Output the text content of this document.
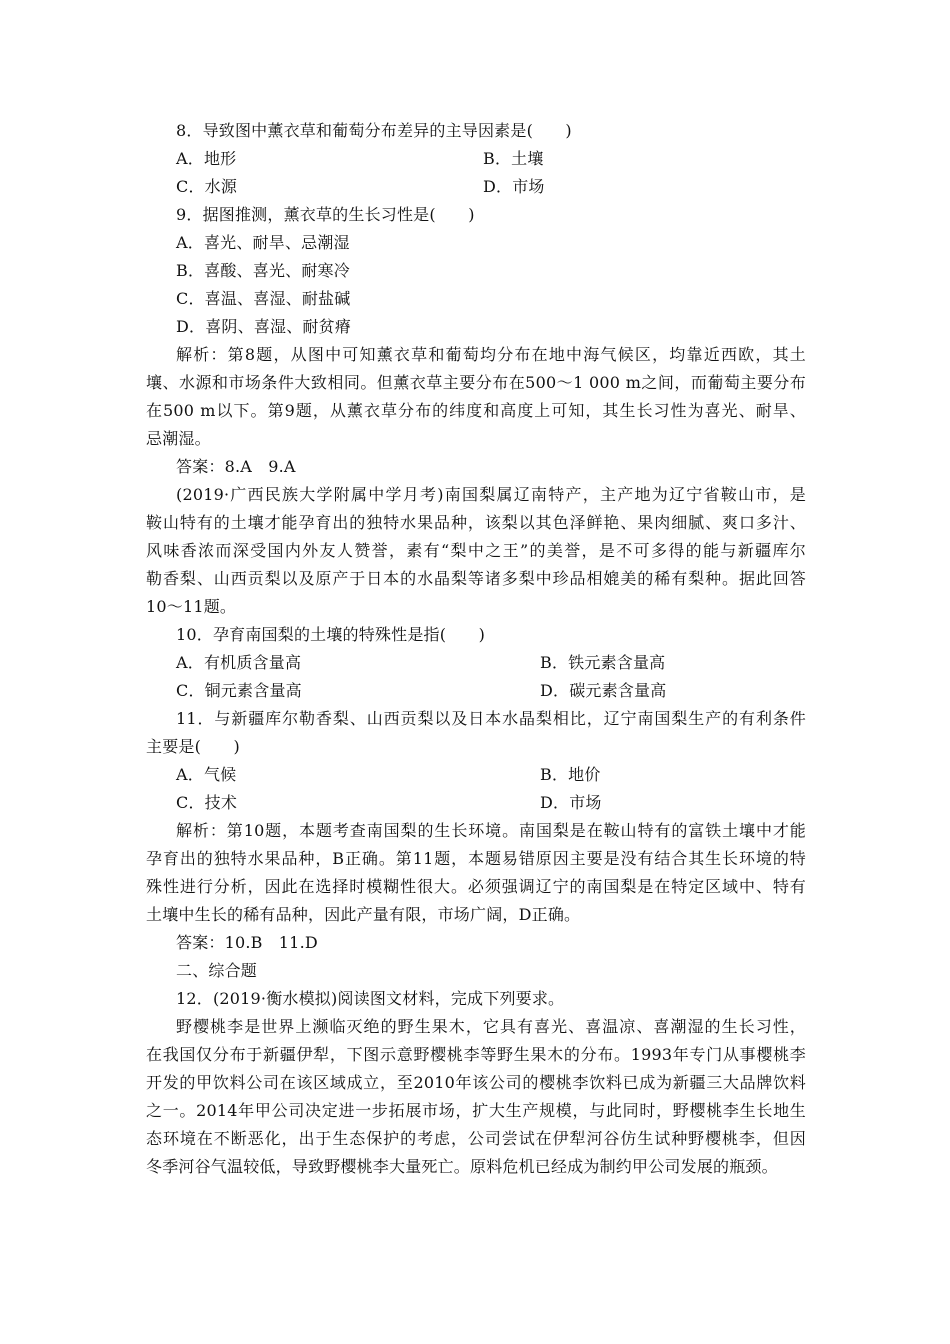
8．导致图中薰衣草和葡萄分布差异的主导因素是(　　)
A．地形	B．土壤
C．水源	D．市场
9．据图推测，薰衣草的生长习性是(　　)
A．喜光、耐旱、忌潮湿
B．喜酸、喜光、耐寒冷
C．喜温、喜湿、耐盐碱
D．喜阴、喜湿、耐贫瘠
解析：第8题，从图中可知薰衣草和葡萄均分布在地中海气候区，均靠近西欧，其土
壤、水源和市场条件大致相同。但薰衣草主要分布在500～1 000 m之间，而葡萄主要分布
在500 m以下。第9题，从薰衣草分布的纬度和高度上可知，其生长习性为喜光、耐旱、
忌潮湿。
答案：8.A　9.A
(2019·广西民族大学附属中学月考)南国梨属辽南特产，主产地为辽宁省鞍山市，是
鞍山特有的土壤才能孕育出的独特水果品种，该梨以其色泽鲜艳、果肉细腻、爽口多汁、
风味香浓而深受国内外友人赞誉，素有“梨中之王”的美誉，是不可多得的能与新疆库尔
勒香梨、山西贡梨以及原产于日本的水晶梨等诸多梨中珍品相媲美的稀有梨种。据此回答
10～11题。
10．孕育南国梨的土壤的特殊性是指(　　)
A．有机质含量高	B．铁元素含量高
C．铜元素含量高	D．碳元素含量高
11．与新疆库尔勒香梨、山西贡梨以及日本水晶梨相比，辽宁南国梨生产的有利条件
主要是(　　)
A．气候	B．地价
C．技术	D．市场
解析：第10题，本题考查南国梨的生长环境。南国梨是在鞍山特有的富铁土壤中才能
孕育出的独特水果品种，B正确。第11题，本题易错原因主要是没有结合其生长环境的特
殊性进行分析，因此在选择时模糊性很大。必须强调辽宁的南国梨是在特定区域中、特有
土壤中生长的稀有品种，因此产量有限，市场广阔，D正确。
答案：10.B　11.D
二、综合题
12．(2019·衡水模拟)阅读图文材料，完成下列要求。
野樱桃李是世界上濒临灭绝的野生果木，它具有喜光、喜温凉、喜潮湿的生长习性，
在我国仅分布于新疆伊犁，下图示意野樱桃李等野生果木的分布。1993年专门从事樱桃李
开发的甲饮料公司在该区域成立，至2010年该公司的樱桃李饮料已成为新疆三大品牌饮料
之一。2014年甲公司决定进一步拓展市场，扩大生产规模，与此同时，野樱桃李生长地生
态环境在不断恶化，出于生态保护的考虑，公司尝试在伊犁河谷仿生试种野樱桃李，但因
冬季河谷气温较低，导致野樱桃李大量死亡。原料危机已经成为制约甲公司发展的瓶颈。
